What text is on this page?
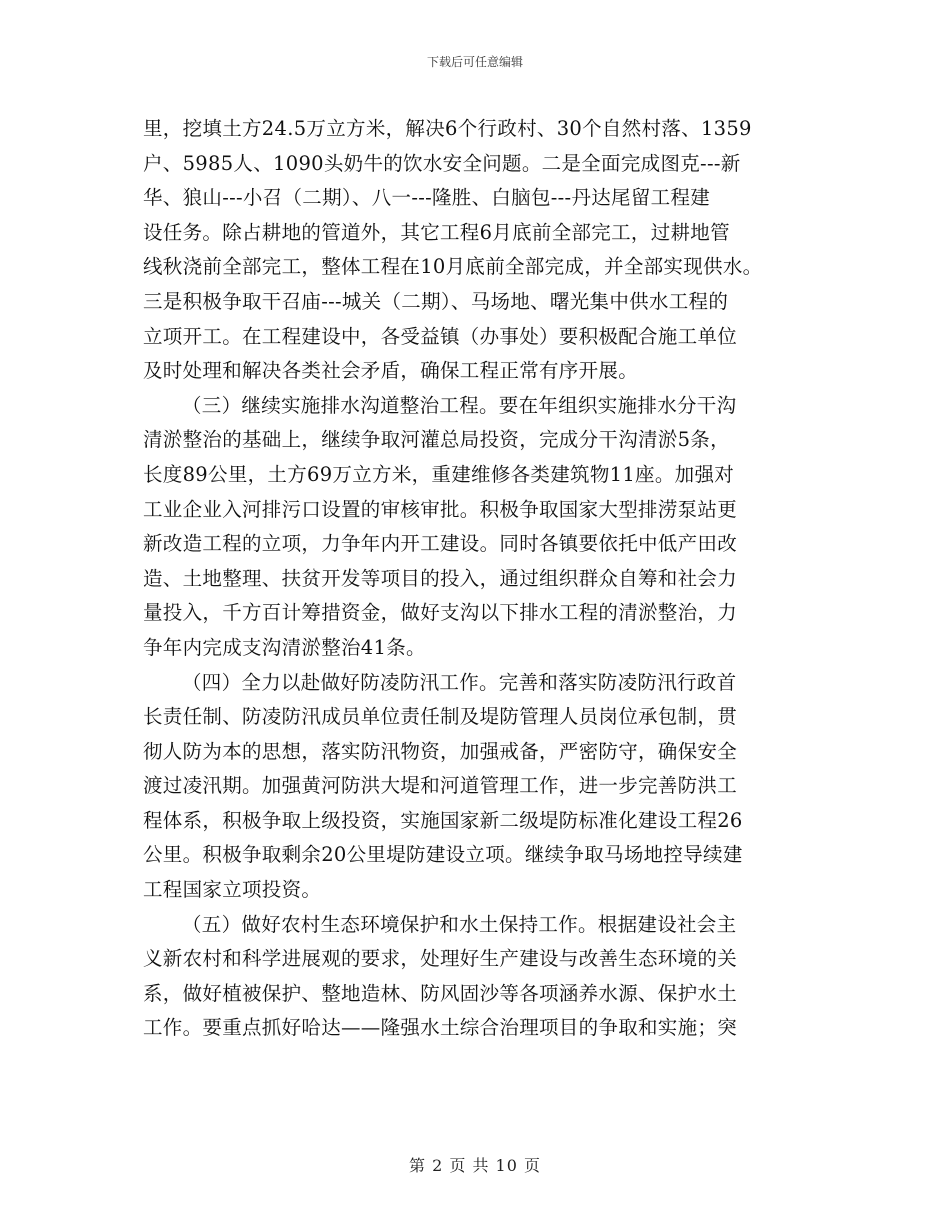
下载后可任意编辑
里，挖填土方24.5万立方米，解决6个行政村、30个自然村落、1359
户、5985人、1090头奶牛的饮水安全问题。二是全面完成图克---新
华、狼山---小召（二期）、八一---隆胜、白脑包---丹达尾留工程建
设任务。除占耕地的管道外，其它工程6月底前全部完工，过耕地管
线秋浇前全部完工，整体工程在10月底前全部完成，并全部实现供水。
三是积极争取干召庙---城关（二期）、马场地、曙光集中供水工程的
立项开工。在工程建设中，各受益镇（办事处）要积极配合施工单位
及时处理和解决各类社会矛盾，确保工程正常有序开展。
（三）继续实施排水沟道整治工程。要在年组织实施排水分干沟
清淤整治的基础上，继续争取河灌总局投资，完成分干沟清淤5条，
长度89公里，土方69万立方米，重建维修各类建筑物11座。加强对
工业企业入河排污口设置的审核审批。积极争取国家大型排涝泵站更
新改造工程的立项，力争年内开工建设。同时各镇要依托中低产田改
造、土地整理、扶贫开发等项目的投入，通过组织群众自筹和社会力
量投入，千方百计筹措资金，做好支沟以下排水工程的清淤整治，力
争年内完成支沟清淤整治41条。
（四）全力以赴做好防凌防汛工作。完善和落实防凌防汛行政首
长责任制、防凌防汛成员单位责任制及堤防管理人员岗位承包制，贯
彻人防为本的思想，落实防汛物资，加强戒备，严密防守，确保安全
渡过凌汛期。加强黄河防洪大堤和河道管理工作，进一步完善防洪工
程体系，积极争取上级投资，实施国家新二级堤防标准化建设工程26
公里。积极争取剩余20公里堤防建设立项。继续争取马场地控导续建
工程国家立项投资。
（五）做好农村生态环境保护和水土保持工作。根据建设社会主
义新农村和科学进展观的要求，处理好生产建设与改善生态环境的关
系，做好植被保护、整地造林、防风固沙等各项涵养水源、保护水土
工作。要重点抓好哈达——隆强水土综合治理项目的争取和实施；突
第 2 页 共 10 页
